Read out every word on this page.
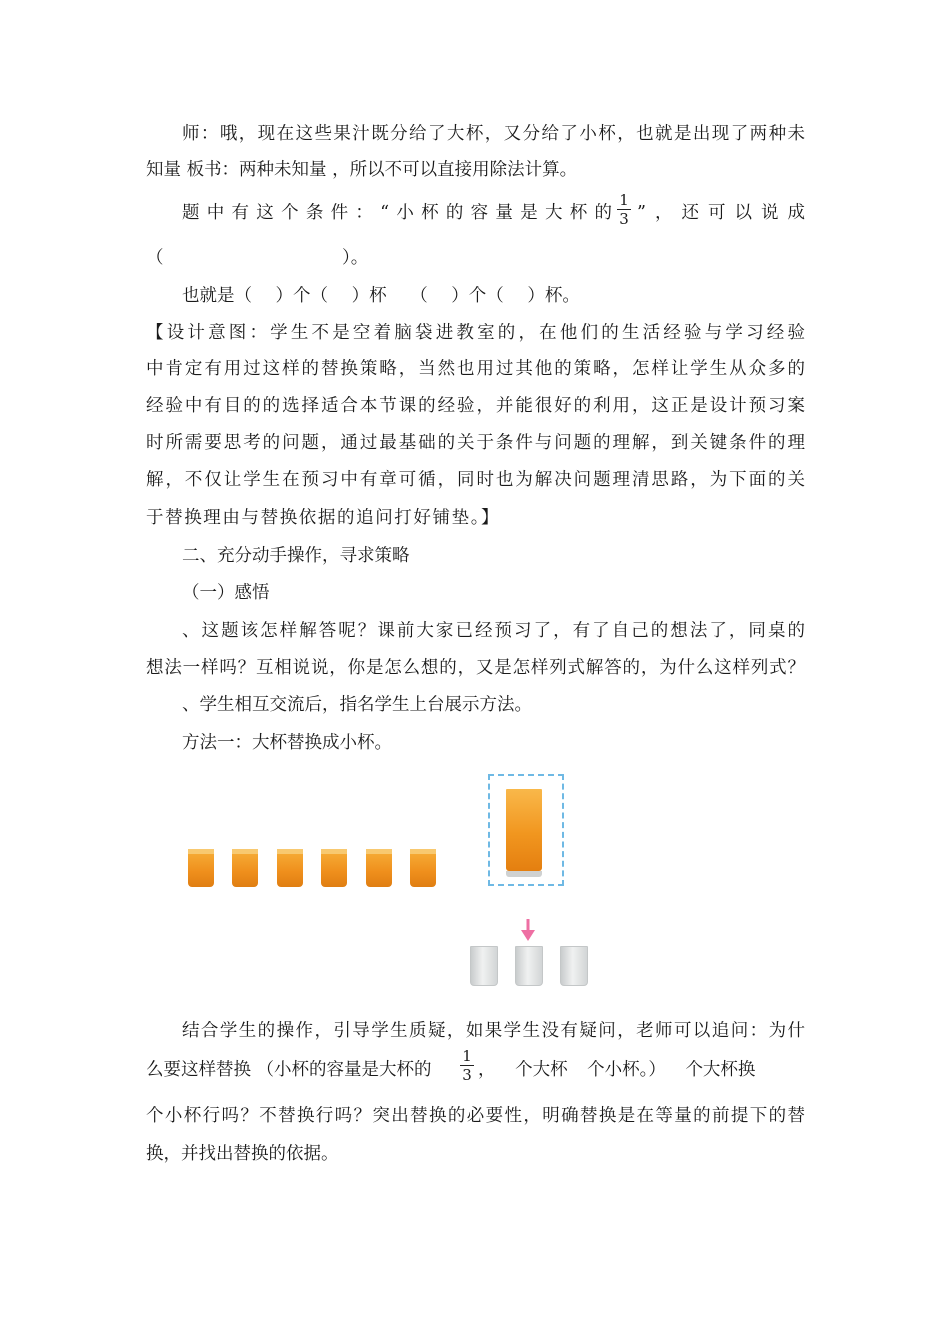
师：哦，现在这些果汁既分给了大杯，又分给了小杯，也就是出现了两种未
知量 板书：两种未知量 ，所以不可以直接用除法计算。
题中有这个条件：“小杯的容量是大杯的
1
3 ”，还可以说成
（	）。
也就是（ ）个（ ）杯 （ ）个（ ）杯。
【设计意图：学生不是空着脑袋进教室的，在他们的生活经验与学习经验
中肯定有用过这样的替换策略，当然也用过其他的策略，怎样让学生从众多的
经验中有目的的选择适合本节课的经验，并能很好的利用，这正是设计预习案
时所需要思考的问题，通过最基础的关于条件与问题的理解，到关键条件的理
解，不仅让学生在预习中有章可循，同时也为解决问题理清思路，为下面的关
于替换理由与替换依据的追问打好铺垫。】
二、充分动手操作，寻求策略
（一）感悟
、这题该怎样解答呢？课前大家已经预习了，有了自己的想法了，同桌的
想法一样吗？互相说说，你是怎么想的，又是怎样列式解答的，为什么这样列式？
、学生相互交流后，指名学生上台展示方法。
方法一：大杯替换成小杯。
结合学生的操作，引导学生质疑，如果学生没有疑问，老师可以追问：为什
么要这样替换 （小杯的容量是大杯的
1
3 ， 个大杯 个小杯。） 个大杯换
个小杯行吗？不替换行吗？突出替换的必要性，明确替换是在等量的前提下的替
换，并找出替换的依据。
